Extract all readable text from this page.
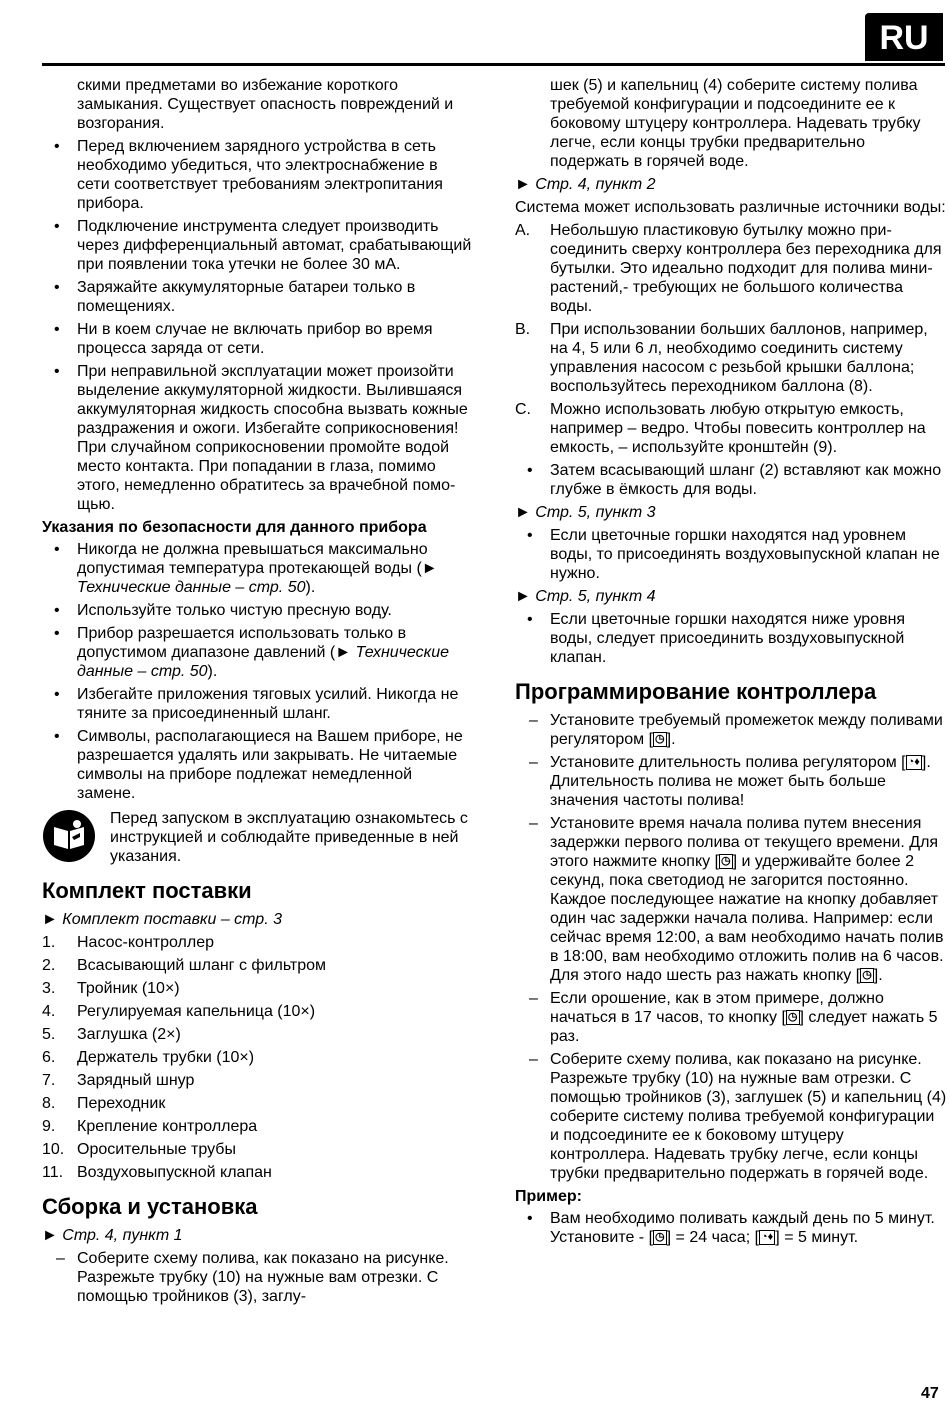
RU
скими предметами во избежание короткого замыкания. Существует опасность повреждений и возгорания.
• Перед включением зарядного устройства в сеть необходимо убедиться, что электроснабжение в сети соответствует требованиям электропитания прибора.
• Подключение инструмента следует производить через дифференциальный автомат, срабатывающий при появлении тока утечки не более 30 мА.
• Заряжайте аккумуляторные батареи только в помещениях.
• Ни в коем случае не включать прибор во время процесса заряда от сети.
• При неправильной эксплуатации может произойти выделение аккумуляторной жидкости. Вылившаяся аккумуляторная жидкость способна вызвать кожные раздражения и ожоги. Избегайте соприкосновения! При случайном соприкосновении промойте водой место контакта. При попадании в глаза, помимо этого, немедленно обратитесь за врачебной помощью.
Указания по безопасности для данного прибора
• Никогда не должна превышаться максимально допустимая температура протекающей воды (► Технические данные – стр. 50).
• Используйте только чистую пресную воду.
• Прибор разрешается использовать только в допустимом диапазоне давлений (► Технические данные – стр. 50).
• Избегайте приложения тяговых усилий. Никогда не тяните за присоединенный шланг.
• Символы, располагающиеся на Вашем приборе, не разрешается удалять или закрывать. Не читаемые символы на приборе подлежат немедленной замене.
Перед запуском в эксплуатацию ознакомьтесь с инструкцией и соблюдайте приведенные в ней указания.
Комплект поставки
► Комплект поставки – стр. 3
1. Насос-контроллер
2. Всасывающий шланг с фильтром
3. Тройник (10×)
4. Регулируемая капельница (10×)
5. Заглушка (2×)
6. Держатель трубки (10×)
7. Зарядный шнур
8. Переходник
9. Крепление контроллера
10. Оросительные трубы
11. Воздуховыпускной клапан
Сборка и установка
► Стр. 4, пункт 1
– Соберите схему полива, как показано на рисунке. Разрежьте трубку (10) на нужные вам отрезки. С помощью тройников (3), заглу-
шек (5) и капельниц (4) соберите систему полива требуемой конфигурации и подсоедините ее к боковому штуцеру контроллера. Надевать трубку легче, если концы трубки предварительно подержать в горячей воде.
► Стр. 4, пункт 2

Система может использовать различные источники воды:

A. Небольшую пластиковую бутылку можно присоединить сверху контроллера без переходника для бутылки. Это идеально подходит для полива мини-растений,- требующих не большого количества воды.
B. При использовании больших баллонов, например, на 4, 5 или 6 л, необходимо соединить систему управления насосом с резьбой крышки баллона; воспользуйтесь переходником баллона (8).
C. Можно использовать любую открытую емкость, например – ведро. Чтобы повесить контроллер на емкость, – используйте кронштейн (9).
• Затем всасывающий шланг (2) вставляют как можно глубже в ёмкость для воды.
► Стр. 5, пункт 3
• Если цветочные горшки находятся над уровнем воды, то присоединять воздуховыпускной клапан не нужно.
► Стр. 5, пункт 4
• Если цветочные горшки находятся ниже уровня воды, следует присоединить воздуховыпускной клапан.
Программирование контроллера
– Установите требуемый промежеток между поливами регулятором [ ◷ ].
– Установите длительность полива регулятором [ ◔♦ ]. Длительность полива не может быть больше значения частоты полива!
– Установите время начала полива путем внесения задержки первого полива от текущего времени. Для этого нажмите кнопку [ ◷ ] и удерживайте более 2 секунд, пока светодиод не загорится постоянно. Каждое последующее нажатие на кнопку добавляет один час задержки начала полива. Например: если сейчас время 12:00, а вам необходимо начать полив в 18:00, вам необходимо отложить полив на 6 часов. Для этого надо шесть раз нажать кнопку [ ◷ ].
– Если орошение, как в этом примере, должно начаться в 17 часов, то кнопку [ ◷ ] следует нажать 5 раз.
– Соберите схему полива, как показано на рисунке. Разрежьте трубку (10) на нужные вам отрезки. С помощью тройников (3), заглушек (5) и капельниц (4) соберите систему полива требуемой конфигурации и подсоедините ее к боковому штуцеру контроллера. Надевать трубку легче, если концы трубки предварительно подержать в горячей воде.
Пример:
• Вам необходимо поливать каждый день по 5 минут. Установите - [ ◷ ] = 24 часа; [ ◔♦ ] = 5 минут.
47
